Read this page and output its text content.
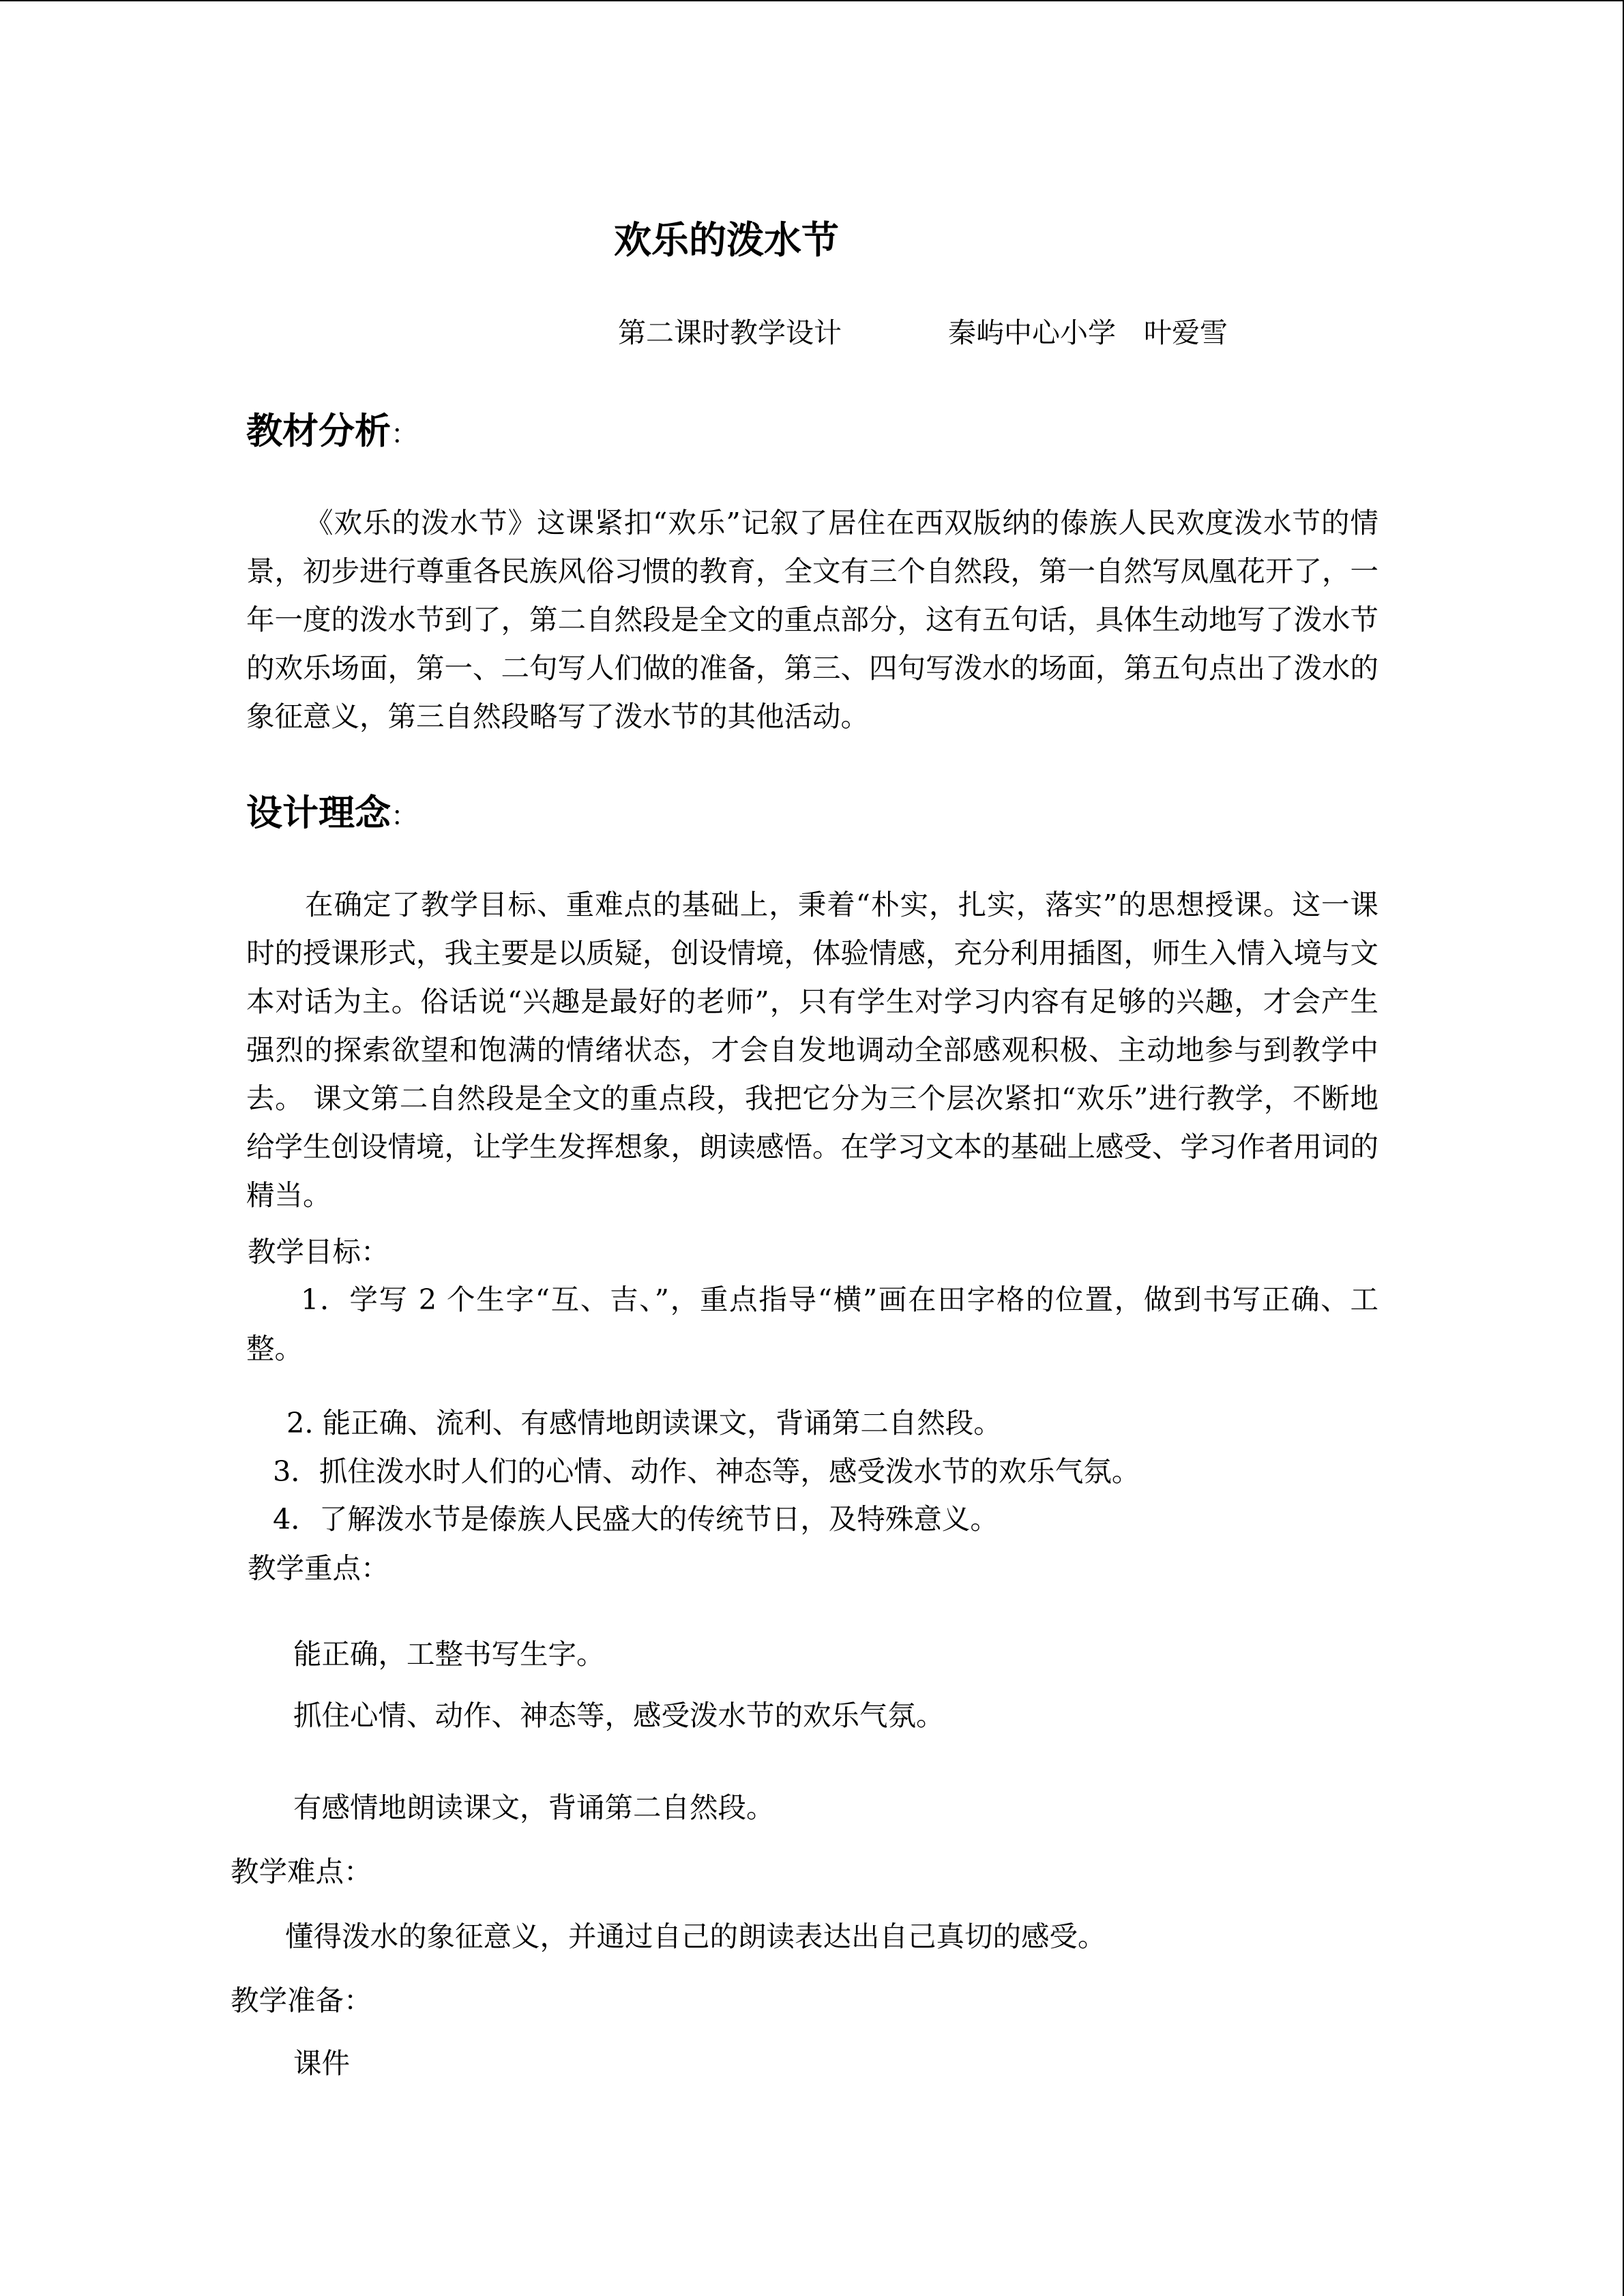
欢乐的泼水节
第二课时教学设计	秦屿中心小学　叶爱雪
教材分析：
《欢乐的泼水节》这课紧扣“欢乐”记叙了居住在西双版纳的傣族人民欢度泼水节的情景，初步进行尊重各民族风俗习惯的教育，全文有三个自然段，第一自然写凤凰花开了，一年一度的泼水节到了，第二自然段是全文的重点部分，这有五句话，具体生动地写了泼水节的欢乐场面，第一、二句写人们做的准备，第三、四句写泼水的场面，第五句点出了泼水的象征意义，第三自然段略写了泼水节的其他活动。
设计理念：
在确定了教学目标、重难点的基础上，秉着“朴实，扎实，落实”的思想授课。这一课时的授课形式，我主要是以质疑，创设情境，体验情感，充分利用插图，师生入情入境与文本对话为主。俗话说“兴趣是最好的老师”，只有学生对学习内容有足够的兴趣，才会产生强烈的探索欲望和饱满的情绪状态，才会自发地调动全部感观积极、主动地参与到教学中去。 课文第二自然段是全文的重点段，我把它分为三个层次紧扣“欢乐”进行教学，不断地给学生创设情境，让学生发挥想象，朗读感悟。在学习文本的基础上感受、学习作者用词的精当。
教学目标：
1．学写 2 个生字“互、吉、”，重点指导“横”画在田字格的位置，做到书写正确、工整。
2. 能正确、流利、有感情地朗读课文，背诵第二自然段。
3．抓住泼水时人们的心情、动作、神态等，感受泼水节的欢乐气氛。
4．了解泼水节是傣族人民盛大的传统节日，及特殊意义。
教学重点：
能正确，工整书写生字。
抓住心情、动作、神态等，感受泼水节的欢乐气氛。
有感情地朗读课文，背诵第二自然段。
教学难点：
懂得泼水的象征意义，并通过自己的朗读表达出自己真切的感受。
教学准备：
课件
